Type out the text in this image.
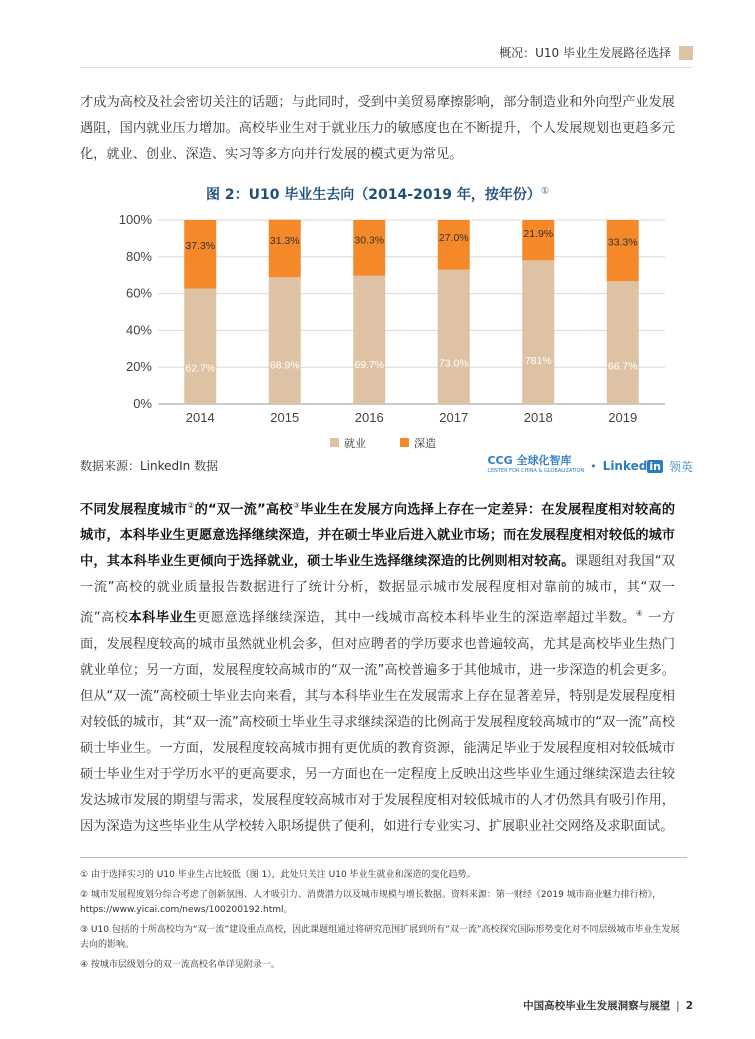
概况：U10 毕业生发展路径选择

才成为高校及社会密切关注的话题；与此同时，受到中美贸易摩擦影响，部分制造业和外向型产业发展遇阻，国内就业压力增加。高校毕业生对于就业压力的敏感度也在不断提升，个人发展规划也更趋多元化，就业、创业、深造、实习等多方向并行发展的模式更为常见。

图 2：U10 毕业生去向（2014-2019 年，按年份）①
0%
20%
40%
60%
80%
100%
62.7%
37.3%
2014
68.9%
31.3%
2015
69.7%
30.3%
2016
73.0%
27.0%
2017
781%
21.9%
2018
66.7%
33.3%
2019
就业	深造
数据来源：LinkedIn 数据	CCG 全球化智库
CENTER FOR CHINA & GLOBALIZATION • Linked in 领英

不同发展程度城市②的“双一流”高校③毕业生在发展方向选择上存在一定差异：在发展程度相对较高的城市，本科毕业生更愿意选择继续深造，并在硕士毕业后进入就业市场；而在发展程度相对较低的城市中，其本科毕业生更倾向于选择就业，硕士毕业生选择继续深造的比例则相对较高。课题组对我国“双一流”高校的就业质量报告数据进行了统计分析，数据显示城市发展程度相对靠前的城市，其“双一流”高校本科毕业生更愿意选择继续深造，其中一线城市高校本科毕业生的深造率超过半数。④ 一方面，发展程度较高的城市虽然就业机会多，但对应聘者的学历要求也普遍较高，尤其是高校毕业生热门就业单位；另一方面，发展程度较高城市的“双一流”高校普遍多于其他城市，进一步深造的机会更多。但从“双一流”高校硕士毕业去向来看，其与本科毕业生在发展需求上存在显著差异，特别是发展程度相对较低的城市，其“双一流”高校硕士毕业生寻求继续深造的比例高于发展程度较高城市的“双一流”高校硕士毕业生。一方面，发展程度较高城市拥有更优质的教育资源，能满足毕业于发展程度相对较低城市硕士毕业生对于学历水平的更高要求，另一方面也在一定程度上反映出这些毕业生通过继续深造去往较发达城市发展的期望与需求，发展程度较高城市对于发展程度相对较低城市的人才仍然具有吸引作用，因为深造为这些毕业生从学校转入职场提供了便利，如进行专业实习、扩展职业社交网络及求职面试。

① 由于选择实习的 U10 毕业生占比较低（图 1），此处只关注 U10 毕业生就业和深造的变化趋势。

② 城市发展程度划分综合考虑了创新氛围、人才吸引力、消费潜力以及城市规模与增长数据。资料来源：第一财经《2019 城市商业魅力排行榜》，https://www.yicai.com/news/100200192.html。

③ U10 包括的十所高校均为“双一流”建设重点高校，因此课题组通过将研究范围扩展到所有“双一流”高校探究国际形势变化对不同层级城市毕业生发展去向的影响。

④ 按城市层级划分的双一流高校名单详见附录一。

中国高校毕业生发展洞察与展望 | 2
